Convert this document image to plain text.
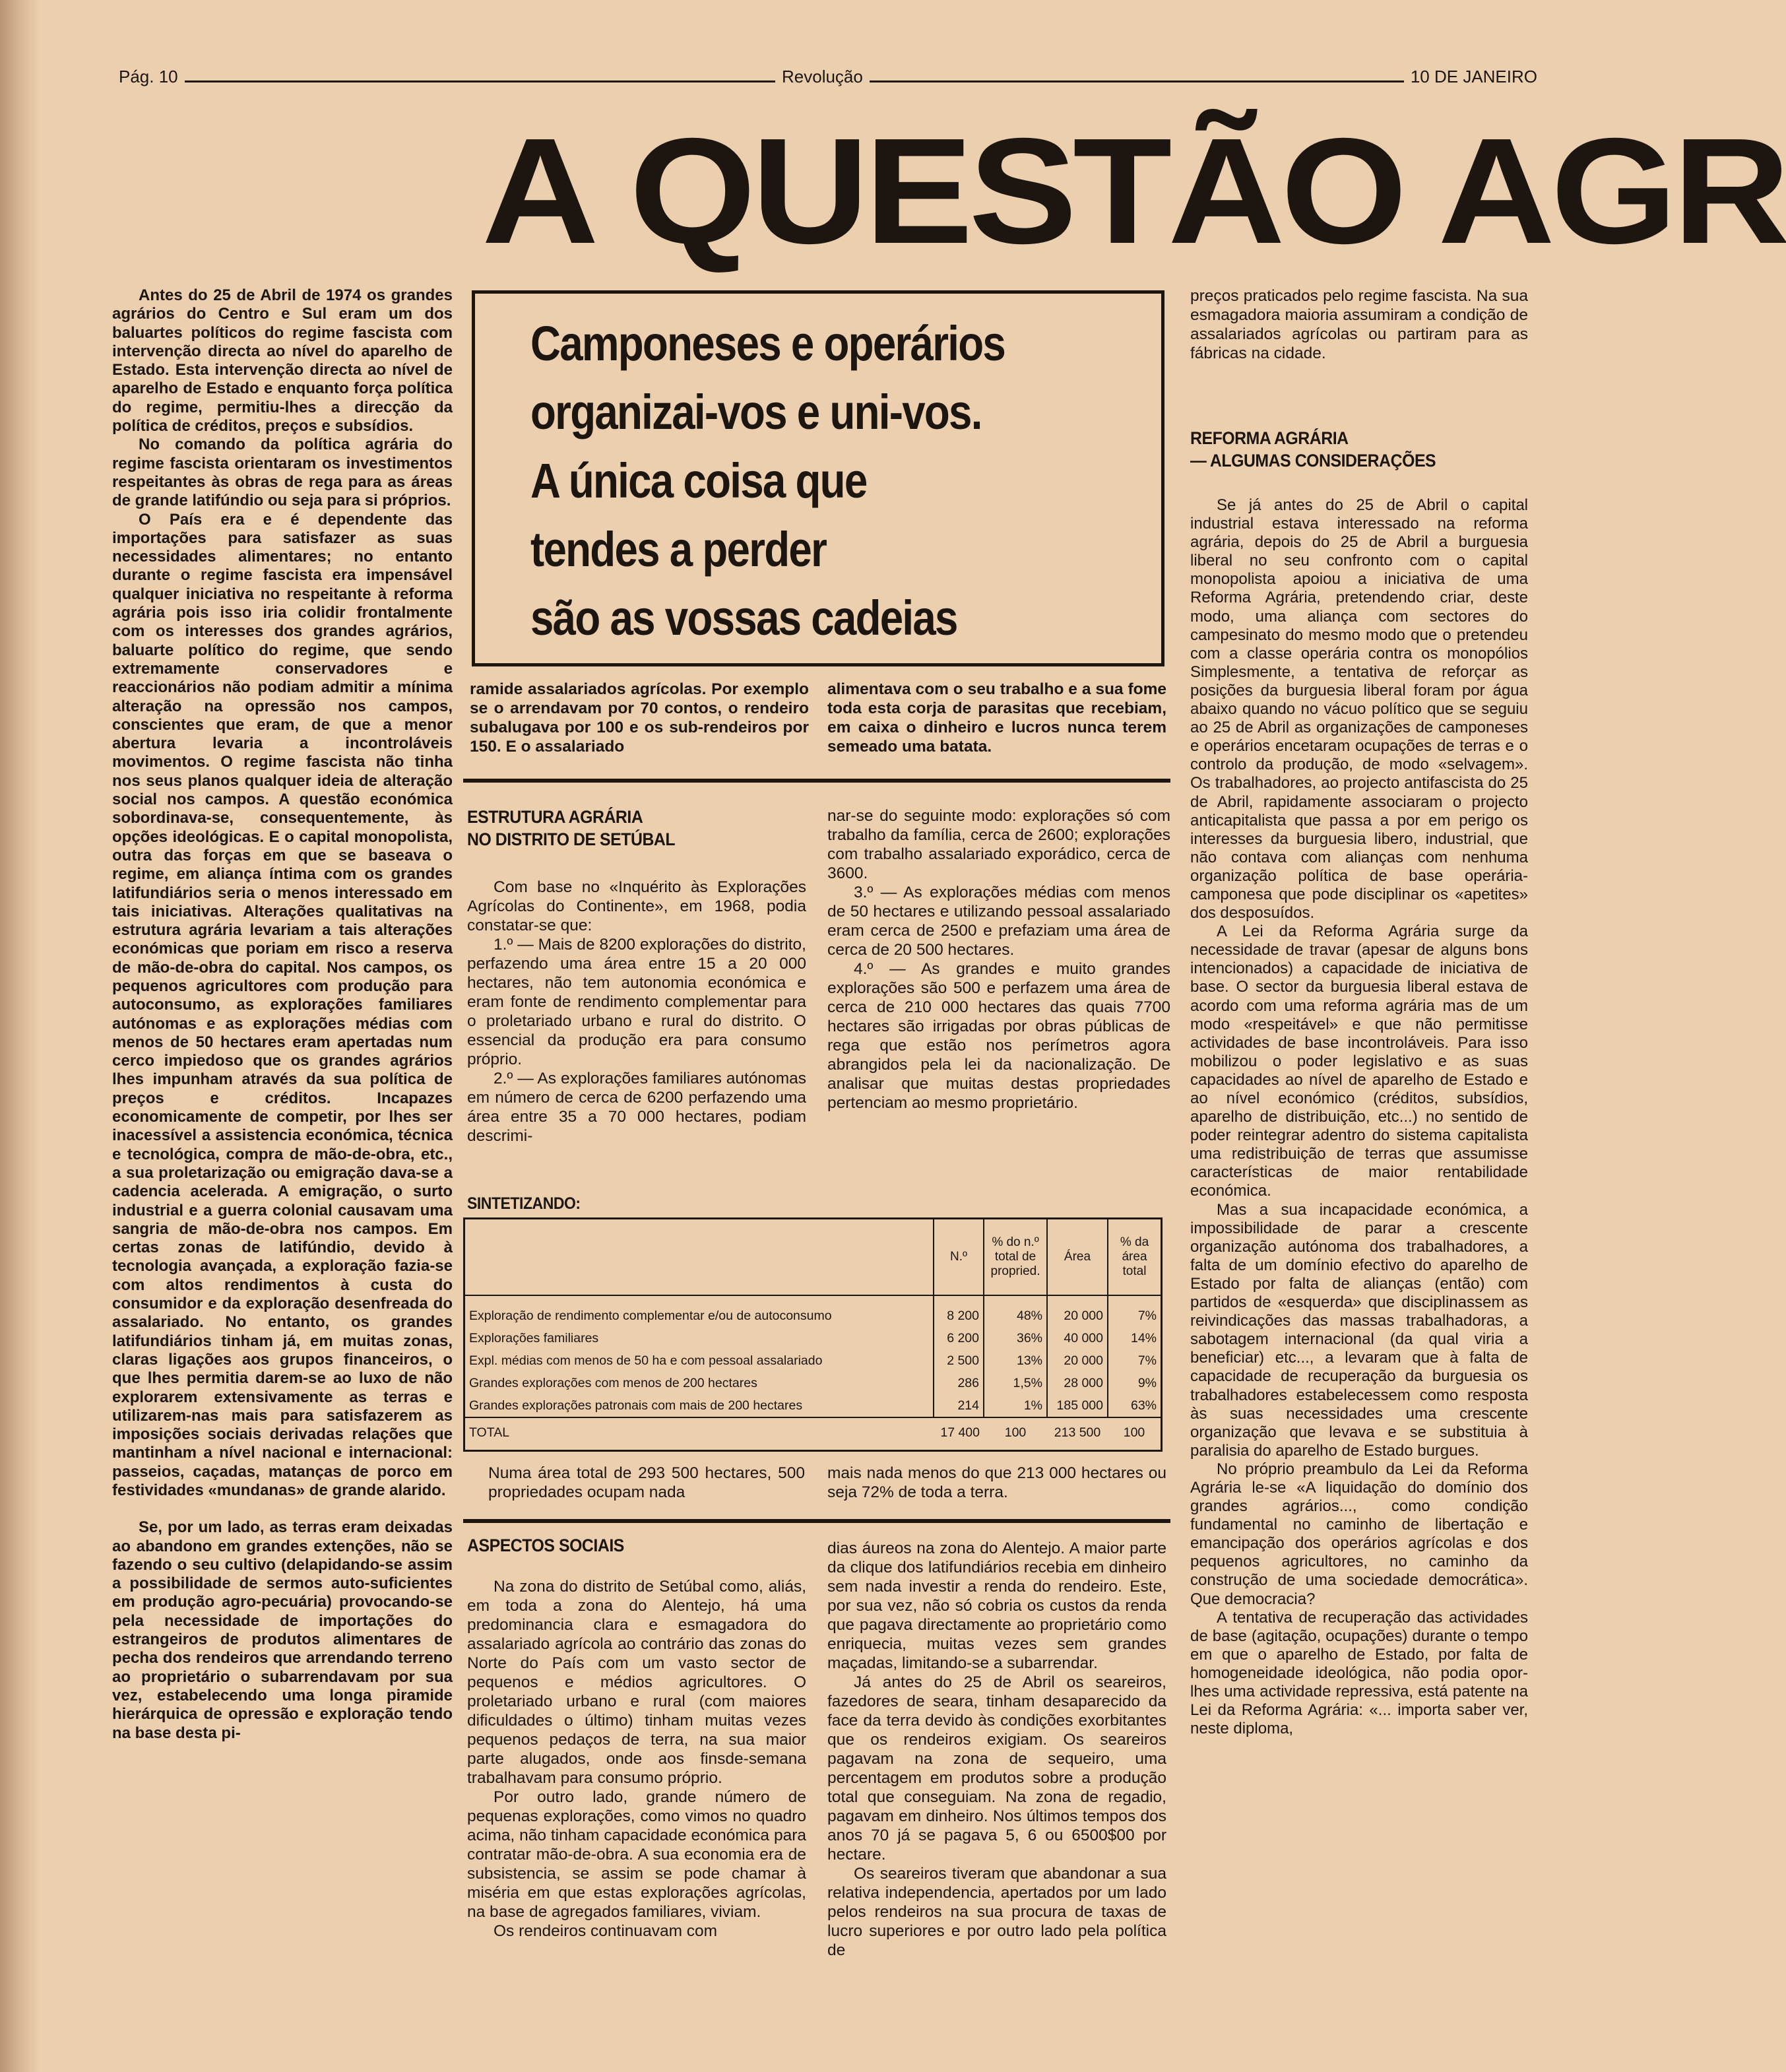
Pág. 10	Revolução	10 DE JANEIRO
A QUESTÃO AGR

Antes do 25 de Abril de 1974 os grandes agrários do Centro e Sul eram um dos baluartes políticos do regime fascista com intervenção directa ao nível do aparelho de Estado. Esta intervenção directa ao nível de aparelho de Estado e enquanto força política do regime, permitiu-lhes a direcção da política de créditos, preços e subsídios.

No comando da política agrária do regime fascista orientaram os investimentos respeitantes às obras de rega para as áreas de grande latifúndio ou seja para si próprios.

O País era e é dependente das importações para satisfazer as suas necessidades alimentares; no entanto durante o regime fascista era impensável qualquer iniciativa no respeitante à reforma agrária pois isso iria colidir frontalmente com os interesses dos grandes agrários, baluarte político do regime, que sendo extremamente conservadores e reaccionários não podiam admitir a mínima alteração na opressão nos campos, conscientes que eram, de que a menor abertura levaria a incontroláveis movimentos. O regime fascista não tinha nos seus planos qualquer ideia de alteração social nos campos. A questão económica sobordinava-se, consequentemente, às opções ideológicas. E o capital monopolista, outra das forças em que se baseava o regime, em aliança íntima com os grandes latifundiários seria o menos interessado em tais iniciativas. Alterações qualitativas na estrutura agrária levariam a tais alterações económicas que poriam em risco a reserva de mão-de-obra do capital. Nos campos, os pequenos agricultores com produção para autoconsumo, as explorações familiares autónomas e as explorações médias com menos de 50 hectares eram apertadas num cerco impiedoso que os grandes agrários lhes impunham através da sua política de preços e créditos. Incapazes economicamente de competir, por lhes ser inacessível a assistencia económica, técnica e tecnológica, compra de mão-de-obra, etc., a sua proletarização ou emigração dava-se a cadencia acelerada. A emigração, o surto industrial e a guerra colonial causavam uma sangria de mão-de-obra nos campos. Em certas zonas de latifúndio, devido à tecnologia avançada, a exploração fazia-se com altos rendimentos à custa do consumidor e da exploração desenfreada do assalariado. No entanto, os grandes latifundiários tinham já, em muitas zonas, claras ligações aos grupos financeiros, o que lhes permitia darem-se ao luxo de não explorarem extensivamente as terras e utilizarem-nas mais para satisfazerem as imposições sociais derivadas relações que mantinham a nível nacional e internacional: passeios, caçadas, matanças de porco em festividades «mundanas» de grande alarido.

Se, por um lado, as terras eram deixadas ao abandono em grandes extenções, não se fazendo o seu cultivo (delapidando-se assim a possibilidade de sermos auto-suficientes em produção agro-pecuária) provocando-se pela necessidade de importações do estrangeiros de produtos alimentares de pecha dos rendeiros que arrendando terreno ao proprietário o subarrendavam por sua vez, estabelecendo uma longa piramide hierárquica de opressão e exploração tendo na base desta pi-

Camponeses e operários
organizai-vos e uni-vos.
A única coisa que
tendes a perder
são as vossas cadeias
ramide assalariados agrícolas. Por exemplo se o arrendavam por 70 contos, o rendeiro subalugava por 100 e os sub-rendeiros por 150. E o assalariado
alimentava com o seu trabalho e a sua fome toda esta corja de parasitas que recebiam, em caixa o dinheiro e lucros nunca terem semeado uma batata.
ESTRUTURA AGRÁRIA
NO DISTRITO DE SETÚBAL

Com base no «Inquérito às Explorações Agrícolas do Continente», em 1968, podia constatar-se que:

1.º — Mais de 8200 explorações do distrito, perfazendo uma área entre 15 a 20 000 hectares, não tem autonomia económica e eram fonte de rendimento complementar para o proletariado urbano e rural do distrito. O essencial da produção era para consumo próprio.

2.º — As explorações familiares autónomas em número de cerca de 6200 perfazendo uma área entre 35 a 70 000 hectares, podiam descrimi-

nar-se do seguinte modo: explorações só com trabalho da família, cerca de 2600; explorações com trabalho assalariado exporádico, cerca de 3600.

3.º — As explorações médias com menos de 50 hectares e utilizando pessoal assalariado eram cerca de 2500 e prefaziam uma área de cerca de 20 500 hectares.

4.º — As grandes e muito grandes explorações são 500 e perfazem uma área de cerca de 210 000 hectares das quais 7700 hectares são irrigadas por obras públicas de rega que estão nos perímetros agora abrangidos pela lei da nacionalização. De analisar que muitas destas propriedades pertenciam ao mesmo proprietário.

SINTETIZANDO:
	N.º	% do n.º total de propried.	Área	% da área total
Exploração de rendimento complementar e/ou de autoconsumo	8 200	48%	20 000	7%
Explorações familiares	6 200	36%	40 000	14%
Expl. médias com menos de 50 ha e com pessoal assalariado	2 500	13%	20 000	7%
Grandes explorações com menos de 200 hectares	286	1,5%	28 000	9%
Grandes explorações patronais com mais de 200 hectares	214	1%	185 000	63%
TOTAL	17 400	100	213 500	100
Numa área total de 293 500 hectares, 500 propriedades ocupam nada
mais nada menos do que 213 000 hectares ou seja 72% de toda a terra.
ASPECTOS SOCIAIS

Na zona do distrito de Setúbal como, aliás, em toda a zona do Alentejo, há uma predominancia clara e esmagadora do assalariado agrícola ao contrário das zonas do Norte do País com um vasto sector de pequenos e médios agricultores. O proletariado urbano e rural (com maiores dificuldades o último) tinham muitas vezes pequenos pedaços de terra, na sua maior parte alugados, onde aos finsde-semana trabalhavam para consumo próprio.

Por outro lado, grande número de pequenas explorações, como vimos no quadro acima, não tinham capacidade económica para contratar mão-de-obra. A sua economia era de subsistencia, se assim se pode chamar à miséria em que estas explorações agrícolas, na base de agregados familiares, viviam.

Os rendeiros continuavam com

dias áureos na zona do Alentejo. A maior parte da clique dos latifundiários recebia em dinheiro sem nada investir a renda do rendeiro. Este, por sua vez, não só cobria os custos da renda que pagava directamente ao proprietário como enriquecia, muitas vezes sem grandes maçadas, limitando-se a subarrendar.

Já antes do 25 de Abril os seareiros, fazedores de seara, tinham desaparecido da face da terra devido às condições exorbitantes que os rendeiros exigiam. Os seareiros pagavam na zona de sequeiro, uma percentagem em produtos sobre a produção total que conseguiam. Na zona de regadio, pagavam em dinheiro. Nos últimos tempos dos anos 70 já se pagava 5, 6 ou 6500$00 por hectare.

Os seareiros tiveram que abandonar a sua relativa independencia, apertados por um lado pelos rendeiros na sua procura de taxas de lucro superiores e por outro lado pela política de

preços praticados pelo regime fascista. Na sua esmagadora maioria assumiram a condição de assalariados agrícolas ou partiram para as fábricas na cidade.
REFORMA AGRÁRIA
— ALGUMAS CONSIDERAÇÕES

Se já antes do 25 de Abril o capital industrial estava interessado na reforma agrária, depois do 25 de Abril a burguesia liberal no seu confronto com o capital monopolista apoiou a iniciativa de uma Reforma Agrária, pretendendo criar, deste modo, uma aliança com sectores do campesinato do mesmo modo que o pretendeu com a classe operária contra os monopólios Simplesmente, a tentativa de reforçar as posições da burguesia liberal foram por água abaixo quando no vácuo político que se seguiu ao 25 de Abril as organizações de camponeses e operários encetaram ocupações de terras e o controlo da produção, de modo «selvagem». Os trabalhadores, ao projecto antifascista do 25 de Abril, rapidamente associaram o projecto anticapitalista que passa a por em perigo os interesses da burguesia libero, industrial, que não contava com alianças com nenhuma organização política de base operária-camponesa que pode disciplinar os «apetites» dos desposuídos.

A Lei da Reforma Agrária surge da necessidade de travar (apesar de alguns bons intencionados) a capacidade de iniciativa de base. O sector da burguesia liberal estava de acordo com uma reforma agrária mas de um modo «respeitável» e que não permitisse actividades de base incontroláveis. Para isso mobilizou o poder legislativo e as suas capacidades ao nível de aparelho de Estado e ao nível económico (créditos, subsídios, aparelho de distribuição, etc...) no sentido de poder reintegrar adentro do sistema capitalista uma redistribuição de terras que assumisse características de maior rentabilidade económica.

Mas a sua incapacidade económica, a impossibilidade de parar a crescente organização autónoma dos trabalhadores, a falta de um domínio efectivo do aparelho de Estado por falta de alianças (então) com partidos de «esquerda» que disciplinassem as reivindicações das massas trabalhadoras, a sabotagem internacional (da qual viria a beneficiar) etc..., a levaram que à falta de capacidade de recuperação da burguesia os trabalhadores estabelecessem como resposta às suas necessidades uma crescente organização que levava e se substituia à paralisia do aparelho de Estado burgues.

No próprio preambulo da Lei da Reforma Agrária le-se «A liquidação do domínio dos grandes agrários..., como condição fundamental no caminho de libertação e emancipação dos operários agrícolas e dos pequenos agricultores, no caminho da construção de uma sociedade democrática». Que democracia?

A tentativa de recuperação das actividades de base (agitação, ocupações) durante o tempo em que o aparelho de Estado, por falta de homogeneidade ideológica, não podia opor-lhes uma actividade repressiva, está patente na Lei da Reforma Agrária: «... importa saber ver, neste diploma,
